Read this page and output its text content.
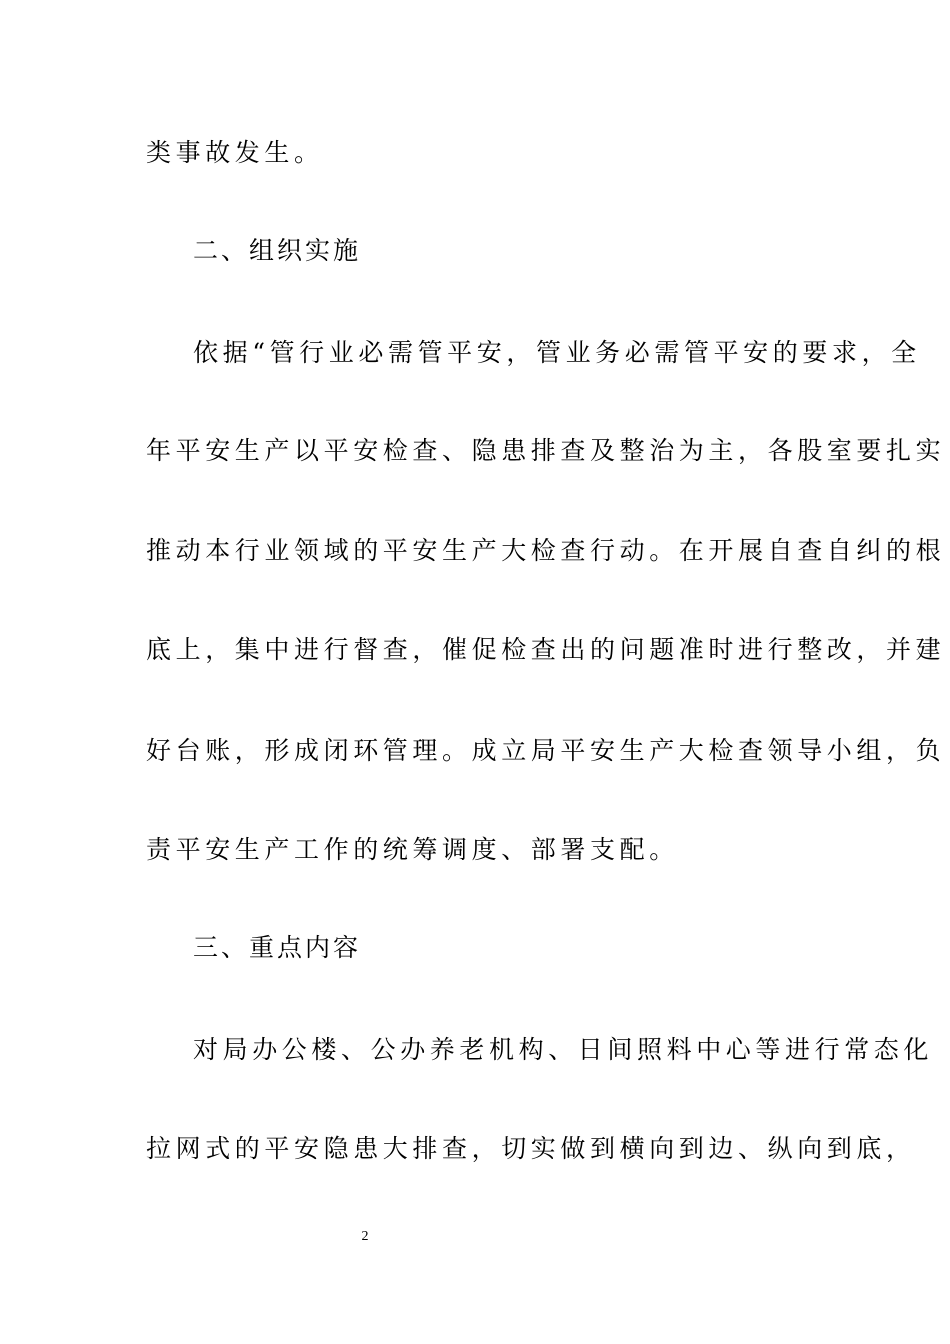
类事故发生。
二、组织实施
依据“管行业必需管平安，管业务必需管平安的要求，全
年平安生产以平安检查、隐患排查及整治为主，各股室要扎实
推动本行业领域的平安生产大检查行动。在开展自查自纠的根
底上，集中进行督查，催促检查出的问题准时进行整改，并建
好台账，形成闭环管理。成立局平安生产大检查领导小组，负
责平安生产工作的统筹调度、部署支配。
三、重点内容
对局办公楼、公办养老机构、日间照料中心等进行常态化
拉网式的平安隐患大排查，切实做到横向到边、纵向到底，
2
